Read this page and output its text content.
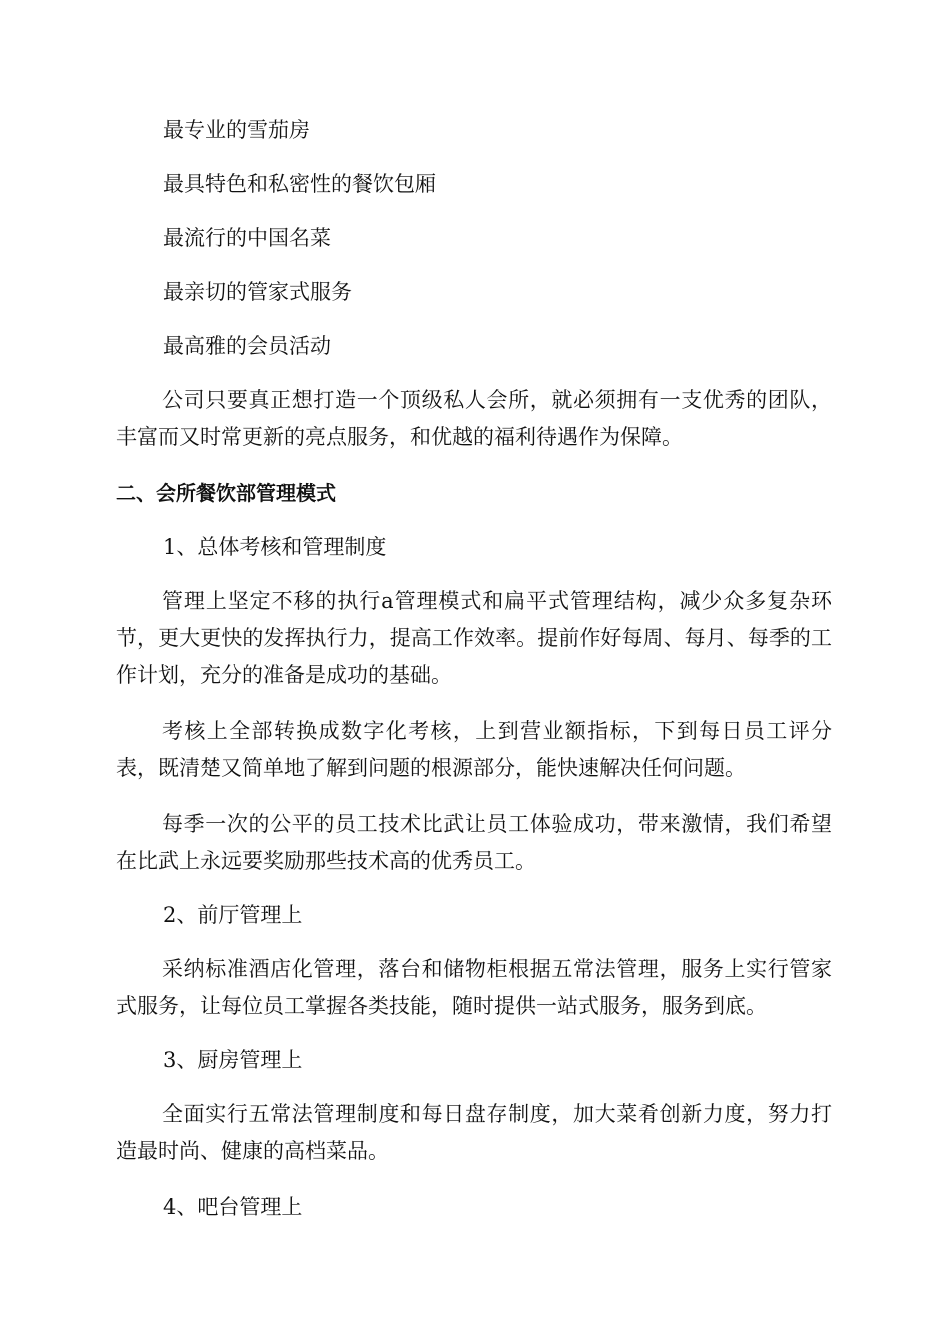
最专业的雪茄房
最具特色和私密性的餐饮包厢
最流行的中国名菜
最亲切的管家式服务
最高雅的会员活动
公司只要真正想打造一个顶级私人会所，就必须拥有一支优秀的团队，丰富而又时常更新的亮点服务，和优越的福利待遇作为保障。
二、会所餐饮部管理模式
1、总体考核和管理制度
管理上坚定不移的执行a管理模式和扁平式管理结构，减少众多复杂环节，更大更快的发挥执行力，提高工作效率。提前作好每周、每月、每季的工作计划，充分的准备是成功的基础。
考核上全部转换成数字化考核，上到营业额指标，下到每日员工评分表，既清楚又简单地了解到问题的根源部分，能快速解决任何问题。
每季一次的公平的员工技术比武让员工体验成功，带来激情，我们希望在比武上永远要奖励那些技术高的优秀员工。
2、前厅管理上
采纳标准酒店化管理，落台和储物柜根据五常法管理，服务上实行管家式服务，让每位员工掌握各类技能，随时提供一站式服务，服务到底。
3、厨房管理上
全面实行五常法管理制度和每日盘存制度，加大菜肴创新力度，努力打造最时尚、健康的高档菜品。
4、吧台管理上
